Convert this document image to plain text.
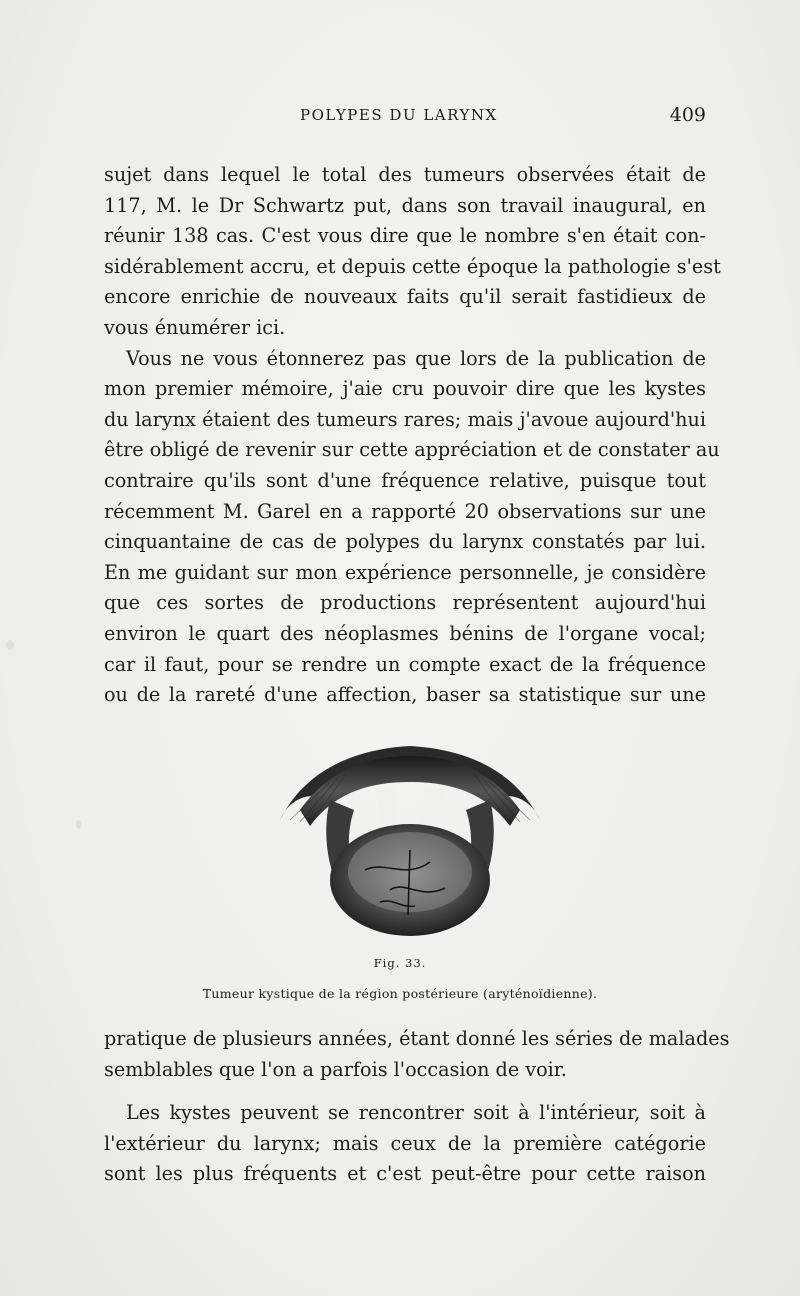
POLYPES DU LARYNX	409

sujet dans lequel le total des tumeurs observées était de
117, M. le Dr Schwartz put, dans son travail inaugural, en
réunir 138 cas. C'est vous dire que le nombre s'en était con-
sidérablement accru, et depuis cette époque la pathologie s'est
encore enrichie de nouveaux faits qu'il serait fastidieux de
vous énumérer ici.

Vous ne vous étonnerez pas que lors de la publication de
mon premier mémoire, j'aie cru pouvoir dire que les kystes
du larynx étaient des tumeurs rares; mais j'avoue aujourd'hui
être obligé de revenir sur cette appréciation et de constater au
contraire qu'ils sont d'une fréquence relative, puisque tout
récemment M. Garel en a rapporté 20 observations sur une
cinquantaine de cas de polypes du larynx constatés par lui.
En me guidant sur mon expérience personnelle, je considère
que ces sortes de productions représentent aujourd'hui
environ le quart des néoplasmes bénins de l'organe vocal;
car il faut, pour se rendre un compte exact de la fréquence
ou de la rareté d'une affection, baser sa statistique sur une

Fig. 33.
Tumeur kystique de la région postérieure (aryténoïdienne).

pratique de plusieurs années, étant donné les séries de malades
semblables que l'on a parfois l'occasion de voir.

Les kystes peuvent se rencontrer soit à l'intérieur, soit à
l'extérieur du larynx; mais ceux de la première catégorie
sont les plus fréquents et c'est peut-être pour cette raison
